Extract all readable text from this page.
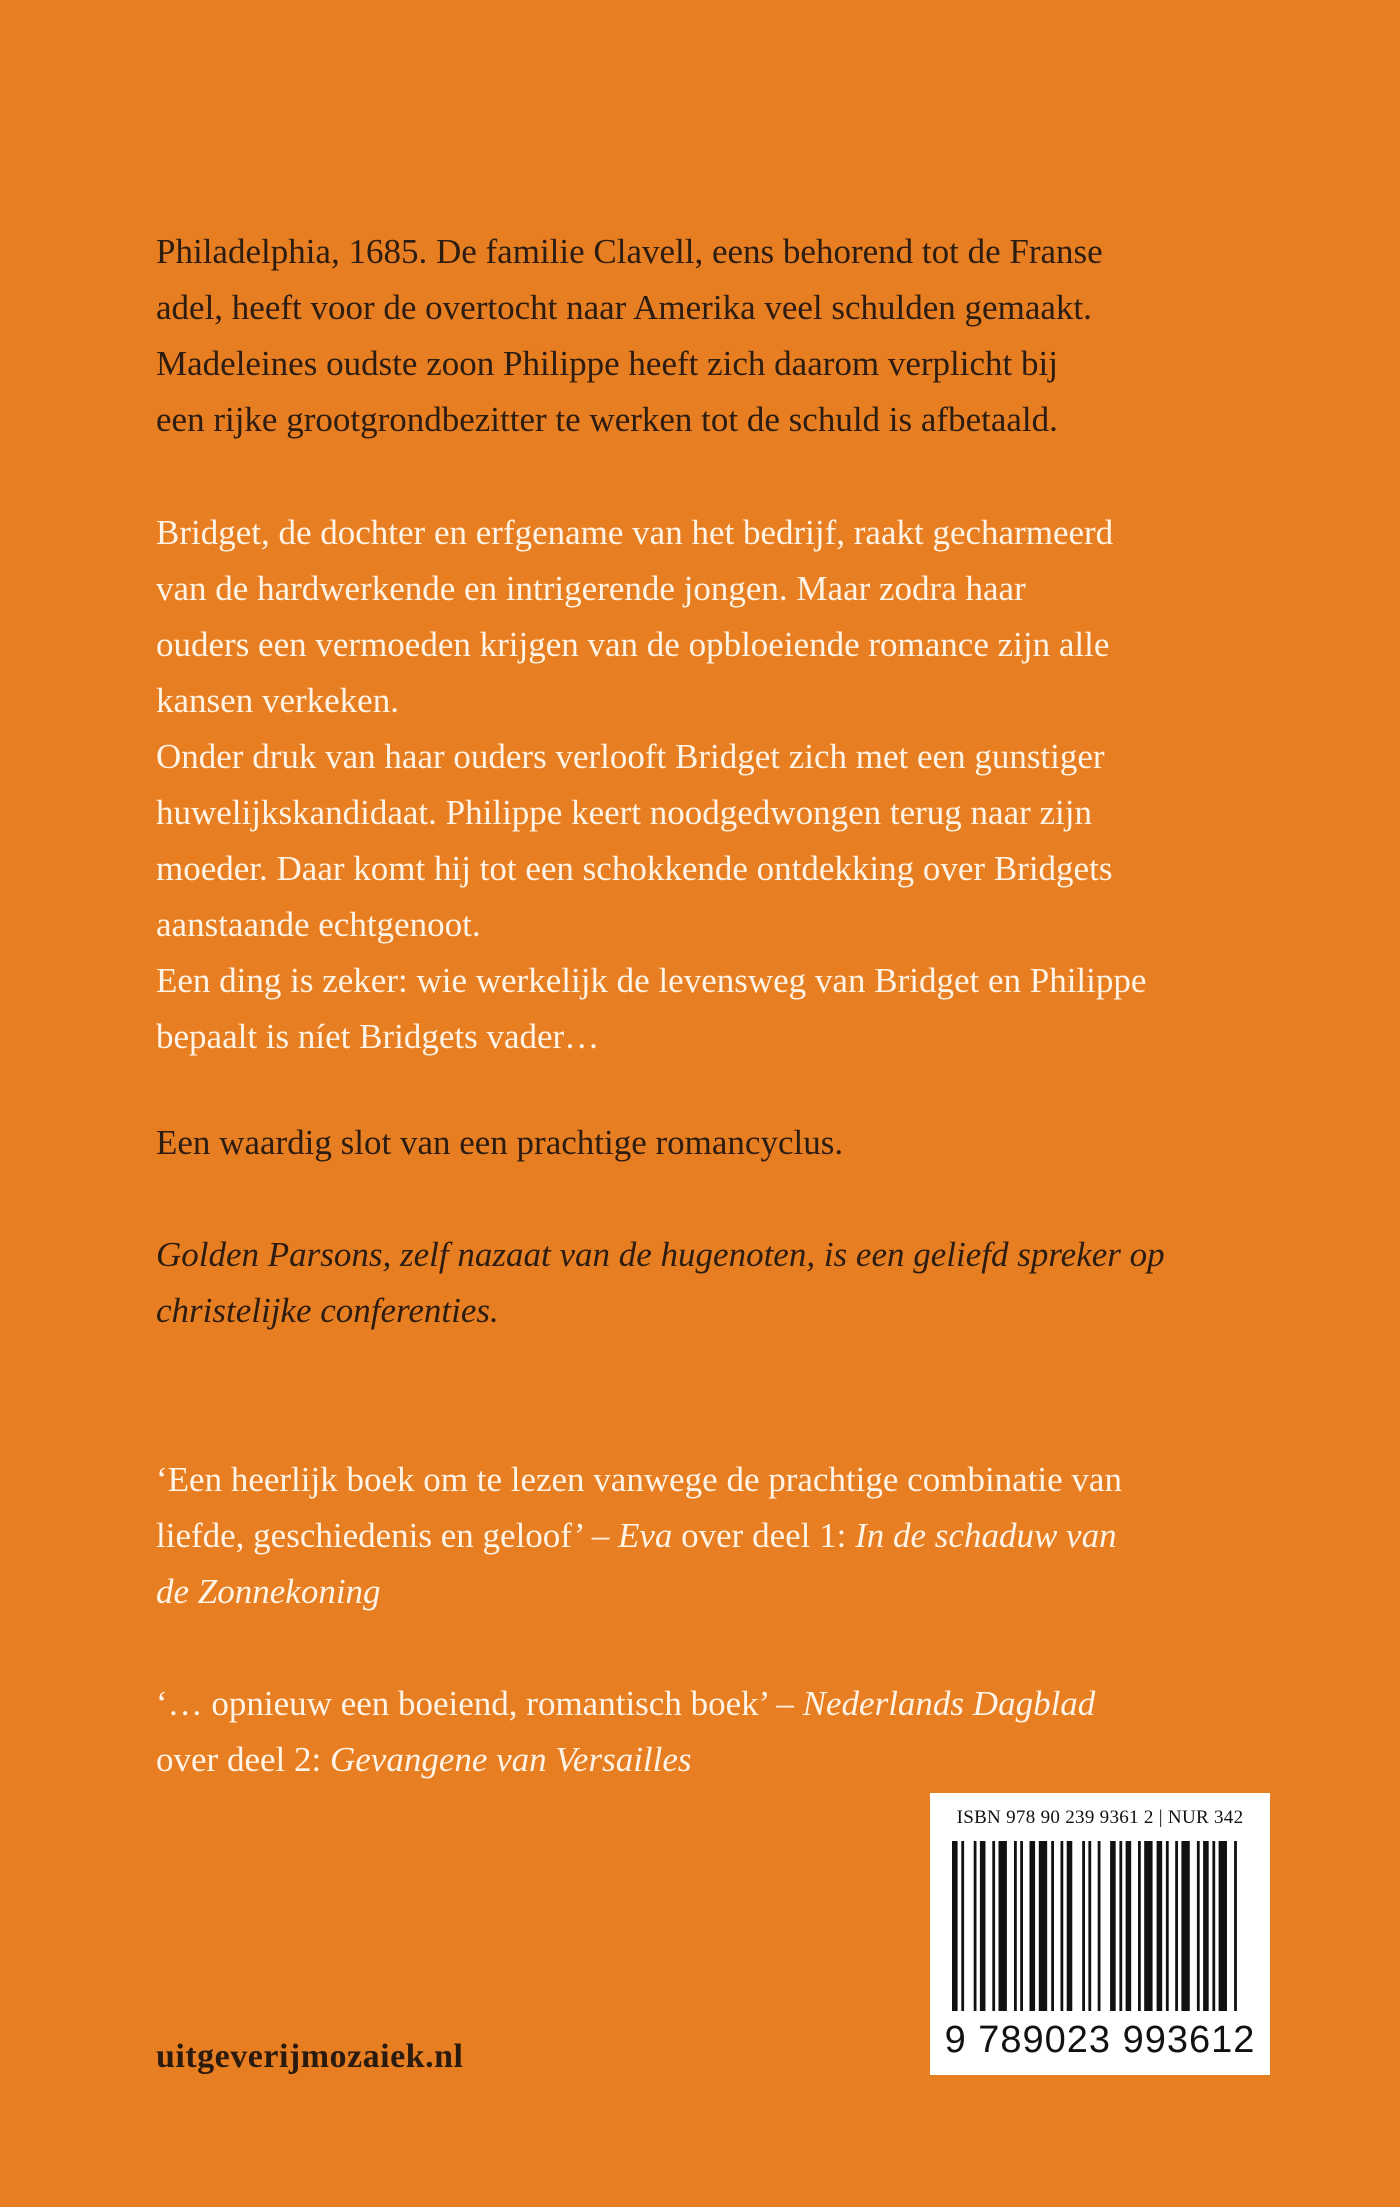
Philadelphia, 1685. De familie Clavell, eens behorend tot de Franse

adel, heeft voor de overtocht naar Amerika veel schulden gemaakt.

Madeleines oudste zoon Philippe heeft zich daarom verplicht bij

een rijke grootgrondbezitter te werken tot de schuld is afbetaald.

Bridget, de dochter en erfgename van het bedrijf, raakt gecharmeerd

van de hardwerkende en intrigerende jongen. Maar zodra haar

ouders een vermoeden krijgen van de opbloeiende romance zijn alle

kansen verkeken.

Onder druk van haar ouders verlooft Bridget zich met een gunstiger

huwelijkskandidaat. Philippe keert noodgedwongen terug naar zijn

moeder. Daar komt hij tot een schokkende ontdekking over Bridgets

aanstaande echtgenoot.

Een ding is zeker: wie werkelijk de levensweg van Bridget en Philippe

bepaalt is níet Bridgets vader…

Een waardig slot van een prachtige romancyclus.

Golden Parsons, zelf nazaat van de hugenoten, is een geliefd spreker op

christelijke conferenties.

‘Een heerlijk boek om te lezen vanwege de prachtige combinatie van

liefde, geschiedenis en geloof’ – Eva over deel 1: In de schaduw van

de Zonnekoning

‘… opnieuw een boeiend, romantisch boek’ – Nederlands Dagblad

over deel 2: Gevangene van Versailles

ISBN 978 90 239 9361 2 | NUR 342
9 789023 993612
uitgeverijmozaiek.nl
